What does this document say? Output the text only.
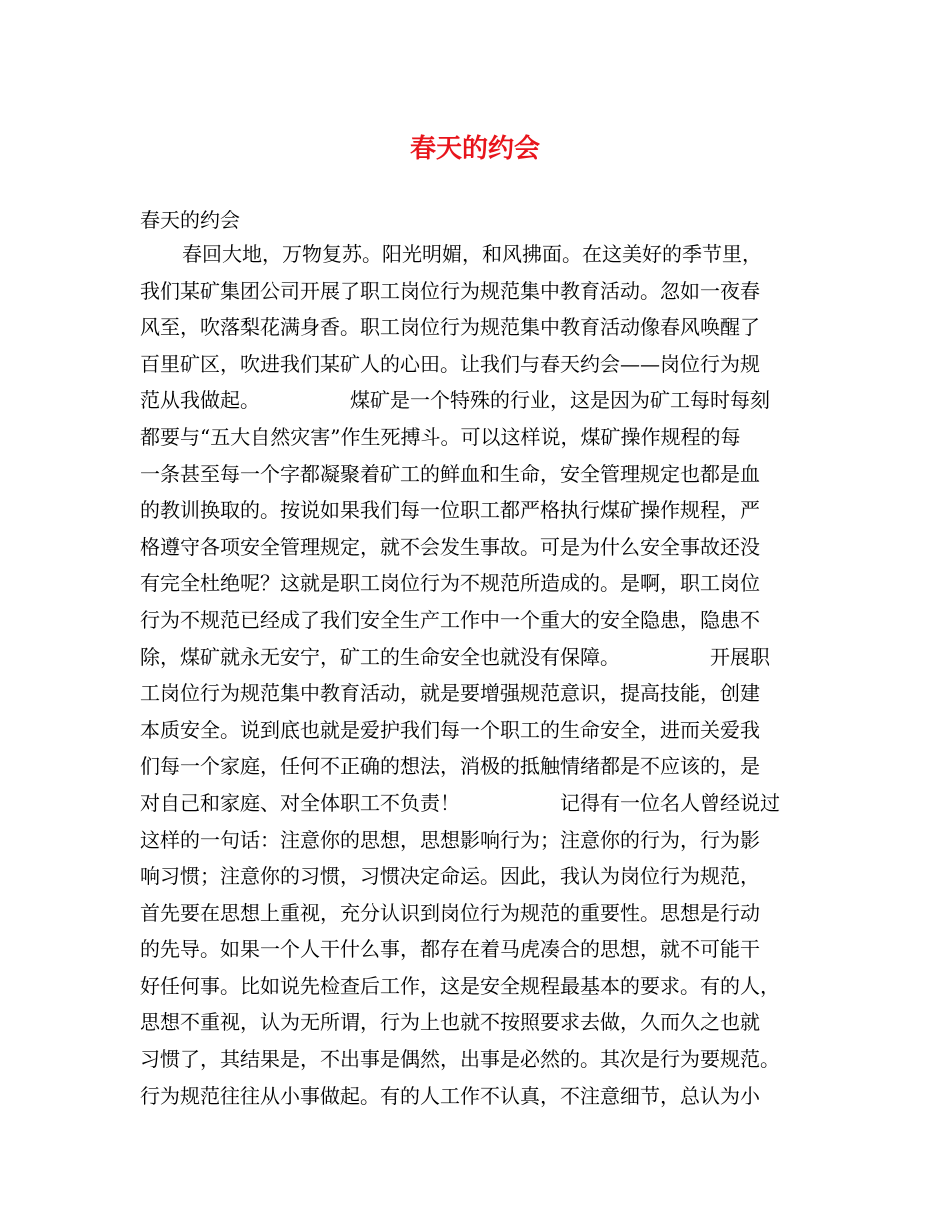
春天的约会
春天的约会
春回大地，万物复苏。阳光明媚，和风拂面。在这美好的季节里，
我们某矿集团公司开展了职工岗位行为规范集中教育活动。忽如一夜春
风至，吹落梨花满身香。职工岗位行为规范集中教育活动像春风唤醒了
百里矿区，吹进我们某矿人的心田。让我们与春天约会——岗位行为规
范从我做起。　　　　　煤矿是一个特殊的行业，这是因为矿工每时每刻
都要与“五大自然灾害”作生死搏斗。可以这样说，煤矿操作规程的每
一条甚至每一个字都凝聚着矿工的鲜血和生命，安全管理规定也都是血
的教训换取的。按说如果我们每一位职工都严格执行煤矿操作规程，严
格遵守各项安全管理规定，就不会发生事故。可是为什么安全事故还没
有完全杜绝呢？这就是职工岗位行为不规范所造成的。是啊，职工岗位
行为不规范已经成了我们安全生产工作中一个重大的安全隐患，隐患不
除，煤矿就永无安宁，矿工的生命安全也就没有保障。　　　　　开展职
工岗位行为规范集中教育活动，就是要增强规范意识，提高技能，创建
本质安全。说到底也就是爱护我们每一个职工的生命安全，进而关爱我
们每一个家庭，任何不正确的想法，消极的抵触情绪都是不应该的，是
对自己和家庭、对全体职工不负责！　　　　　记得有一位名人曾经说过
这样的一句话：注意你的思想，思想影响行为；注意你的行为，行为影
响习惯；注意你的习惯，习惯决定命运。因此，我认为岗位行为规范，
首先要在思想上重视，充分认识到岗位行为规范的重要性。思想是行动
的先导。如果一个人干什么事，都存在着马虎凑合的思想，就不可能干
好任何事。比如说先检查后工作，这是安全规程最基本的要求。有的人，
思想不重视，认为无所谓，行为上也就不按照要求去做，久而久之也就
习惯了，其结果是，不出事是偶然，出事是必然的。其次是行为要规范。
行为规范往往从小事做起。有的人工作不认真，不注意细节，总认为小
